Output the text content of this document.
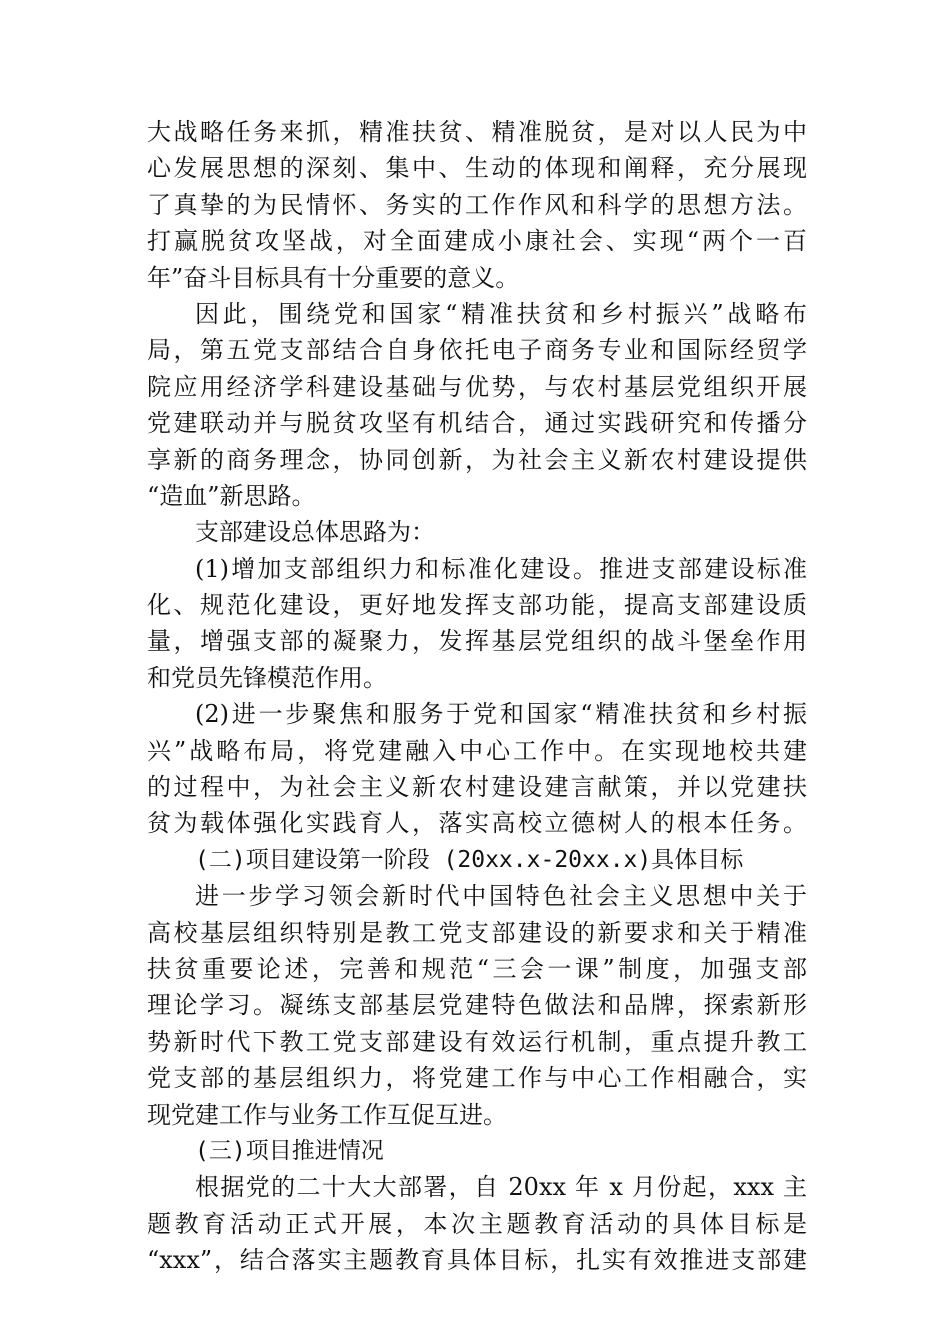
大战略任务来抓，精准扶贫、精准脱贫，是对以人民为中
心发展思想的深刻、集中、生动的体现和阐释，充分展现
了真挚的为民情怀、务实的工作作风和科学的思想方法。
打赢脱贫攻坚战，对全面建成小康社会、实现“两个一百
年”奋斗目标具有十分重要的意义。
因此，围绕党和国家“精准扶贫和乡村振兴”战略布
局，第五党支部结合自身依托电子商务专业和国际经贸学
院应用经济学科建设基础与优势，与农村基层党组织开展
党建联动并与脱贫攻坚有机结合，通过实践研究和传播分
享新的商务理念，协同创新，为社会主义新农村建设提供
“造血”新思路。
支部建设总体思路为：
(1)增加支部组织力和标准化建设。推进支部建设标准
化、规范化建设，更好地发挥支部功能，提高支部建设质
量，增强支部的凝聚力，发挥基层党组织的战斗堡垒作用
和党员先锋模范作用。
(2)进一步聚焦和服务于党和国家“精准扶贫和乡村振
兴”战略布局，将党建融入中心工作中。在实现地校共建
的过程中，为社会主义新农村建设建言献策，并以党建扶
贫为载体强化实践育人，落实高校立德树人的根本任务。
(二)项目建设第一阶段 (20xx.x-20xx.x)具体目标
进一步学习领会新时代中国特色社会主义思想中关于
高校基层组织特别是教工党支部建设的新要求和关于精准
扶贫重要论述，完善和规范“三会一课”制度，加强支部
理论学习。凝练支部基层党建特色做法和品牌，探索新形
势新时代下教工党支部建设有效运行机制，重点提升教工
党支部的基层组织力，将党建工作与中心工作相融合，实
现党建工作与业务工作互促互进。
(三)项目推进情况
根据党的二十大大部署，自 20xx 年 x 月份起，xxx 主
题教育活动正式开展，本次主题教育活动的具体目标是
“xxx”，结合落实主题教育具体目标，扎实有效推进支部建
